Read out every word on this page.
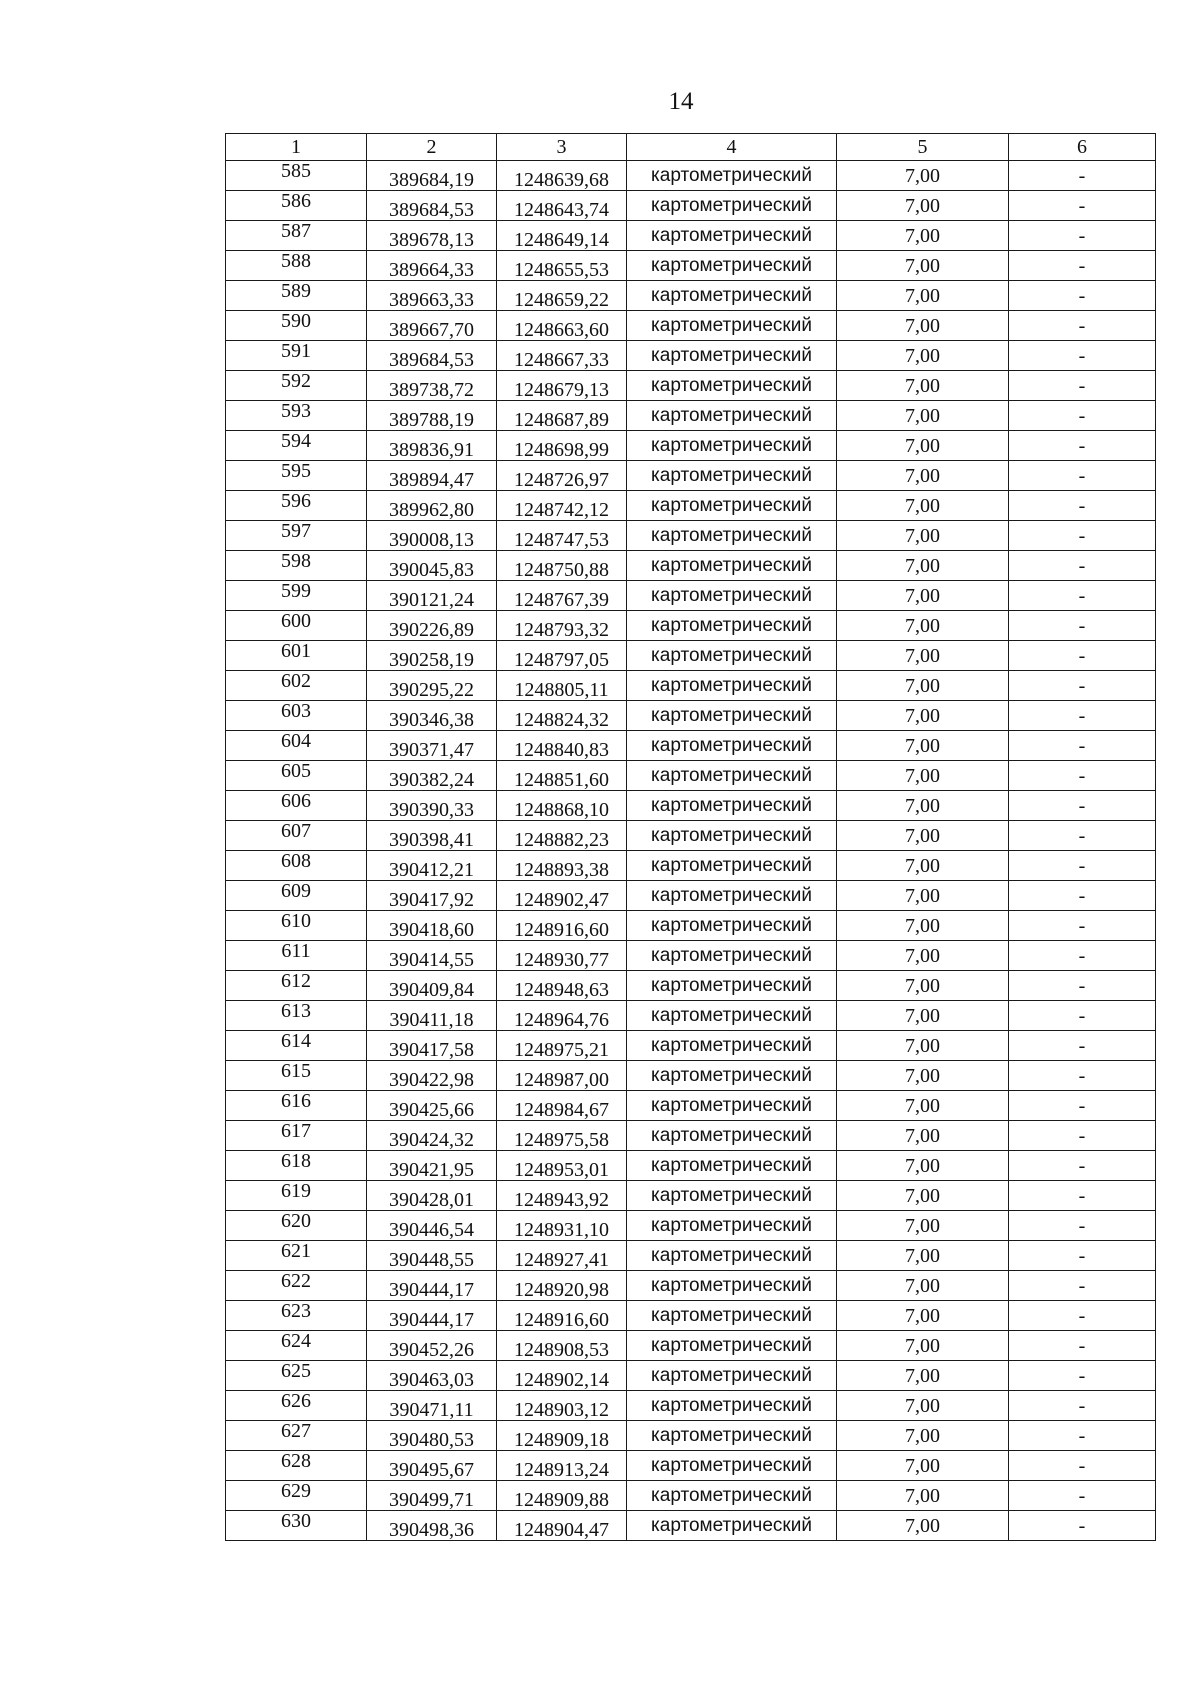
14
1	2	3	4	5	6
585	389684,19	1248639,68	картометрический	7,00	-
586	389684,53	1248643,74	картометрический	7,00	-
587	389678,13	1248649,14	картометрический	7,00	-
588	389664,33	1248655,53	картометрический	7,00	-
589	389663,33	1248659,22	картометрический	7,00	-
590	389667,70	1248663,60	картометрический	7,00	-
591	389684,53	1248667,33	картометрический	7,00	-
592	389738,72	1248679,13	картометрический	7,00	-
593	389788,19	1248687,89	картометрический	7,00	-
594	389836,91	1248698,99	картометрический	7,00	-
595	389894,47	1248726,97	картометрический	7,00	-
596	389962,80	1248742,12	картометрический	7,00	-
597	390008,13	1248747,53	картометрический	7,00	-
598	390045,83	1248750,88	картометрический	7,00	-
599	390121,24	1248767,39	картометрический	7,00	-
600	390226,89	1248793,32	картометрический	7,00	-
601	390258,19	1248797,05	картометрический	7,00	-
602	390295,22	1248805,11	картометрический	7,00	-
603	390346,38	1248824,32	картометрический	7,00	-
604	390371,47	1248840,83	картометрический	7,00	-
605	390382,24	1248851,60	картометрический	7,00	-
606	390390,33	1248868,10	картометрический	7,00	-
607	390398,41	1248882,23	картометрический	7,00	-
608	390412,21	1248893,38	картометрический	7,00	-
609	390417,92	1248902,47	картометрический	7,00	-
610	390418,60	1248916,60	картометрический	7,00	-
611	390414,55	1248930,77	картометрический	7,00	-
612	390409,84	1248948,63	картометрический	7,00	-
613	390411,18	1248964,76	картометрический	7,00	-
614	390417,58	1248975,21	картометрический	7,00	-
615	390422,98	1248987,00	картометрический	7,00	-
616	390425,66	1248984,67	картометрический	7,00	-
617	390424,32	1248975,58	картометрический	7,00	-
618	390421,95	1248953,01	картометрический	7,00	-
619	390428,01	1248943,92	картометрический	7,00	-
620	390446,54	1248931,10	картометрический	7,00	-
621	390448,55	1248927,41	картометрический	7,00	-
622	390444,17	1248920,98	картометрический	7,00	-
623	390444,17	1248916,60	картометрический	7,00	-
624	390452,26	1248908,53	картометрический	7,00	-
625	390463,03	1248902,14	картометрический	7,00	-
626	390471,11	1248903,12	картометрический	7,00	-
627	390480,53	1248909,18	картометрический	7,00	-
628	390495,67	1248913,24	картометрический	7,00	-
629	390499,71	1248909,88	картометрический	7,00	-
630	390498,36	1248904,47	картометрический	7,00	-
